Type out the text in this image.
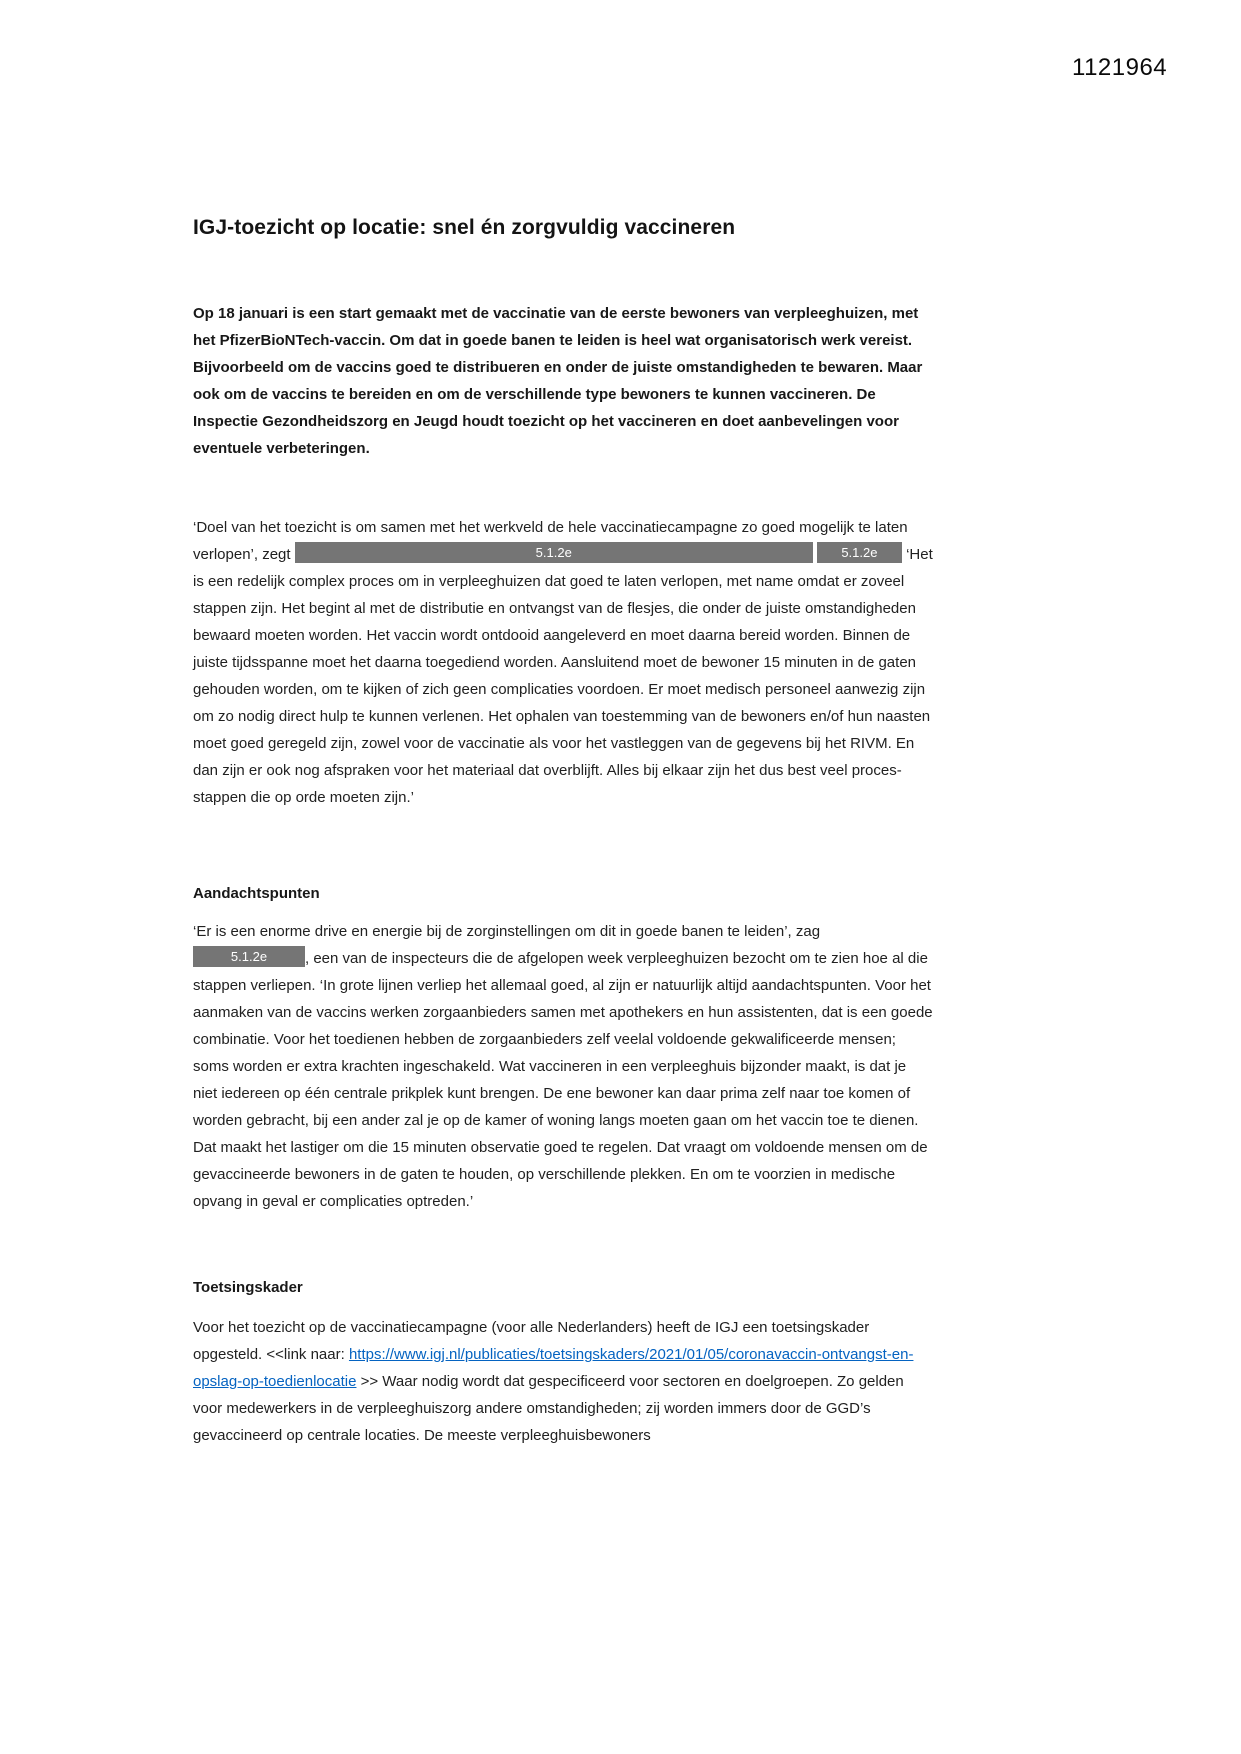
1121964
IGJ-toezicht op locatie: snel én zorgvuldig vaccineren

Op 18 januari is een start gemaakt met de vaccinatie van de eerste bewoners van verpleeghuizen, met het PfizerBioNTech-vaccin. Om dat in goede banen te leiden is heel wat organisatorisch werk vereist. Bijvoorbeeld om de vaccins goed te distribueren en onder de juiste omstandigheden te bewaren. Maar ook om de vaccins te bereiden en om de verschillende type bewoners te kunnen vaccineren. De Inspectie Gezondheidszorg en Jeugd houdt toezicht op het vaccineren en doet aanbevelingen voor eventuele verbeteringen.

‘Doel van het toezicht is om samen met het werkveld de hele vaccinatiecampagne zo goed mogelijk te laten verlopen’, zegt	5.1.2e	5.1.2e ‘Het is een redelijk complex proces om in verpleeghuizen dat goed te laten verlopen, met name omdat er zoveel stappen zijn. Het begint al met de distributie en ontvangst van de flesjes, die onder de juiste omstandigheden bewaard moeten worden. Het vaccin wordt ontdooid aangeleverd en moet daarna bereid worden. Binnen de juiste tijdsspanne moet het daarna toegediend worden. Aansluitend moet de bewoner 15 minuten in de gaten gehouden worden, om te kijken of zich geen complicaties voordoen. Er moet medisch personeel aanwezig zijn om zo nodig direct hulp te kunnen verlenen. Het ophalen van toestemming van de bewoners en/of hun naasten moet goed geregeld zijn, zowel voor de vaccinatie als voor het vastleggen van de gegevens bij het RIVM. En dan zijn er ook nog afspraken voor het materiaal dat overblijft. Alles bij elkaar zijn het dus best veel proces-stappen die op orde moeten zijn.’

Aandachtspunten

‘Er is een enorme drive en energie bij de zorginstellingen om dit in goede banen te leiden’, zag 5.1.2e	, een van de inspecteurs die de afgelopen week verpleeghuizen bezocht om te zien hoe al die stappen verliepen. ‘In grote lijnen verliep het allemaal goed, al zijn er natuurlijk altijd aandachtspunten. Voor het aanmaken van de vaccins werken zorgaanbieders samen met apothekers en hun assistenten, dat is een goede combinatie. Voor het toedienen hebben de zorgaanbieders zelf veelal voldoende gekwalificeerde mensen; soms worden er extra krachten ingeschakeld. Wat vaccineren in een verpleeghuis bijzonder maakt, is dat je niet iedereen op één centrale prikplek kunt brengen. De ene bewoner kan daar prima zelf naar toe komen of worden gebracht, bij een ander zal je op de kamer of woning langs moeten gaan om het vaccin toe te dienen. Dat maakt het lastiger om die 15 minuten observatie goed te regelen. Dat vraagt om voldoende mensen om de gevaccineerde bewoners in de gaten te houden, op verschillende plekken. En om te voorzien in medische opvang in geval er complicaties optreden.’

Toetsingskader

Voor het toezicht op de vaccinatiecampagne (voor alle Nederlanders) heeft de IGJ een toetsingskader opgesteld. <<link naar: https://www.igj.nl/publicaties/toetsingskaders/2021/01/05/coronavaccin-ontvangst-en-opslag-op-toedienlocatie >> Waar nodig wordt dat gespecificeerd voor sectoren en doelgroepen. Zo gelden voor medewerkers in de verpleeghuiszorg andere omstandigheden; zij worden immers door de GGD’s gevaccineerd op centrale locaties. De meeste verpleeghuisbewoners
